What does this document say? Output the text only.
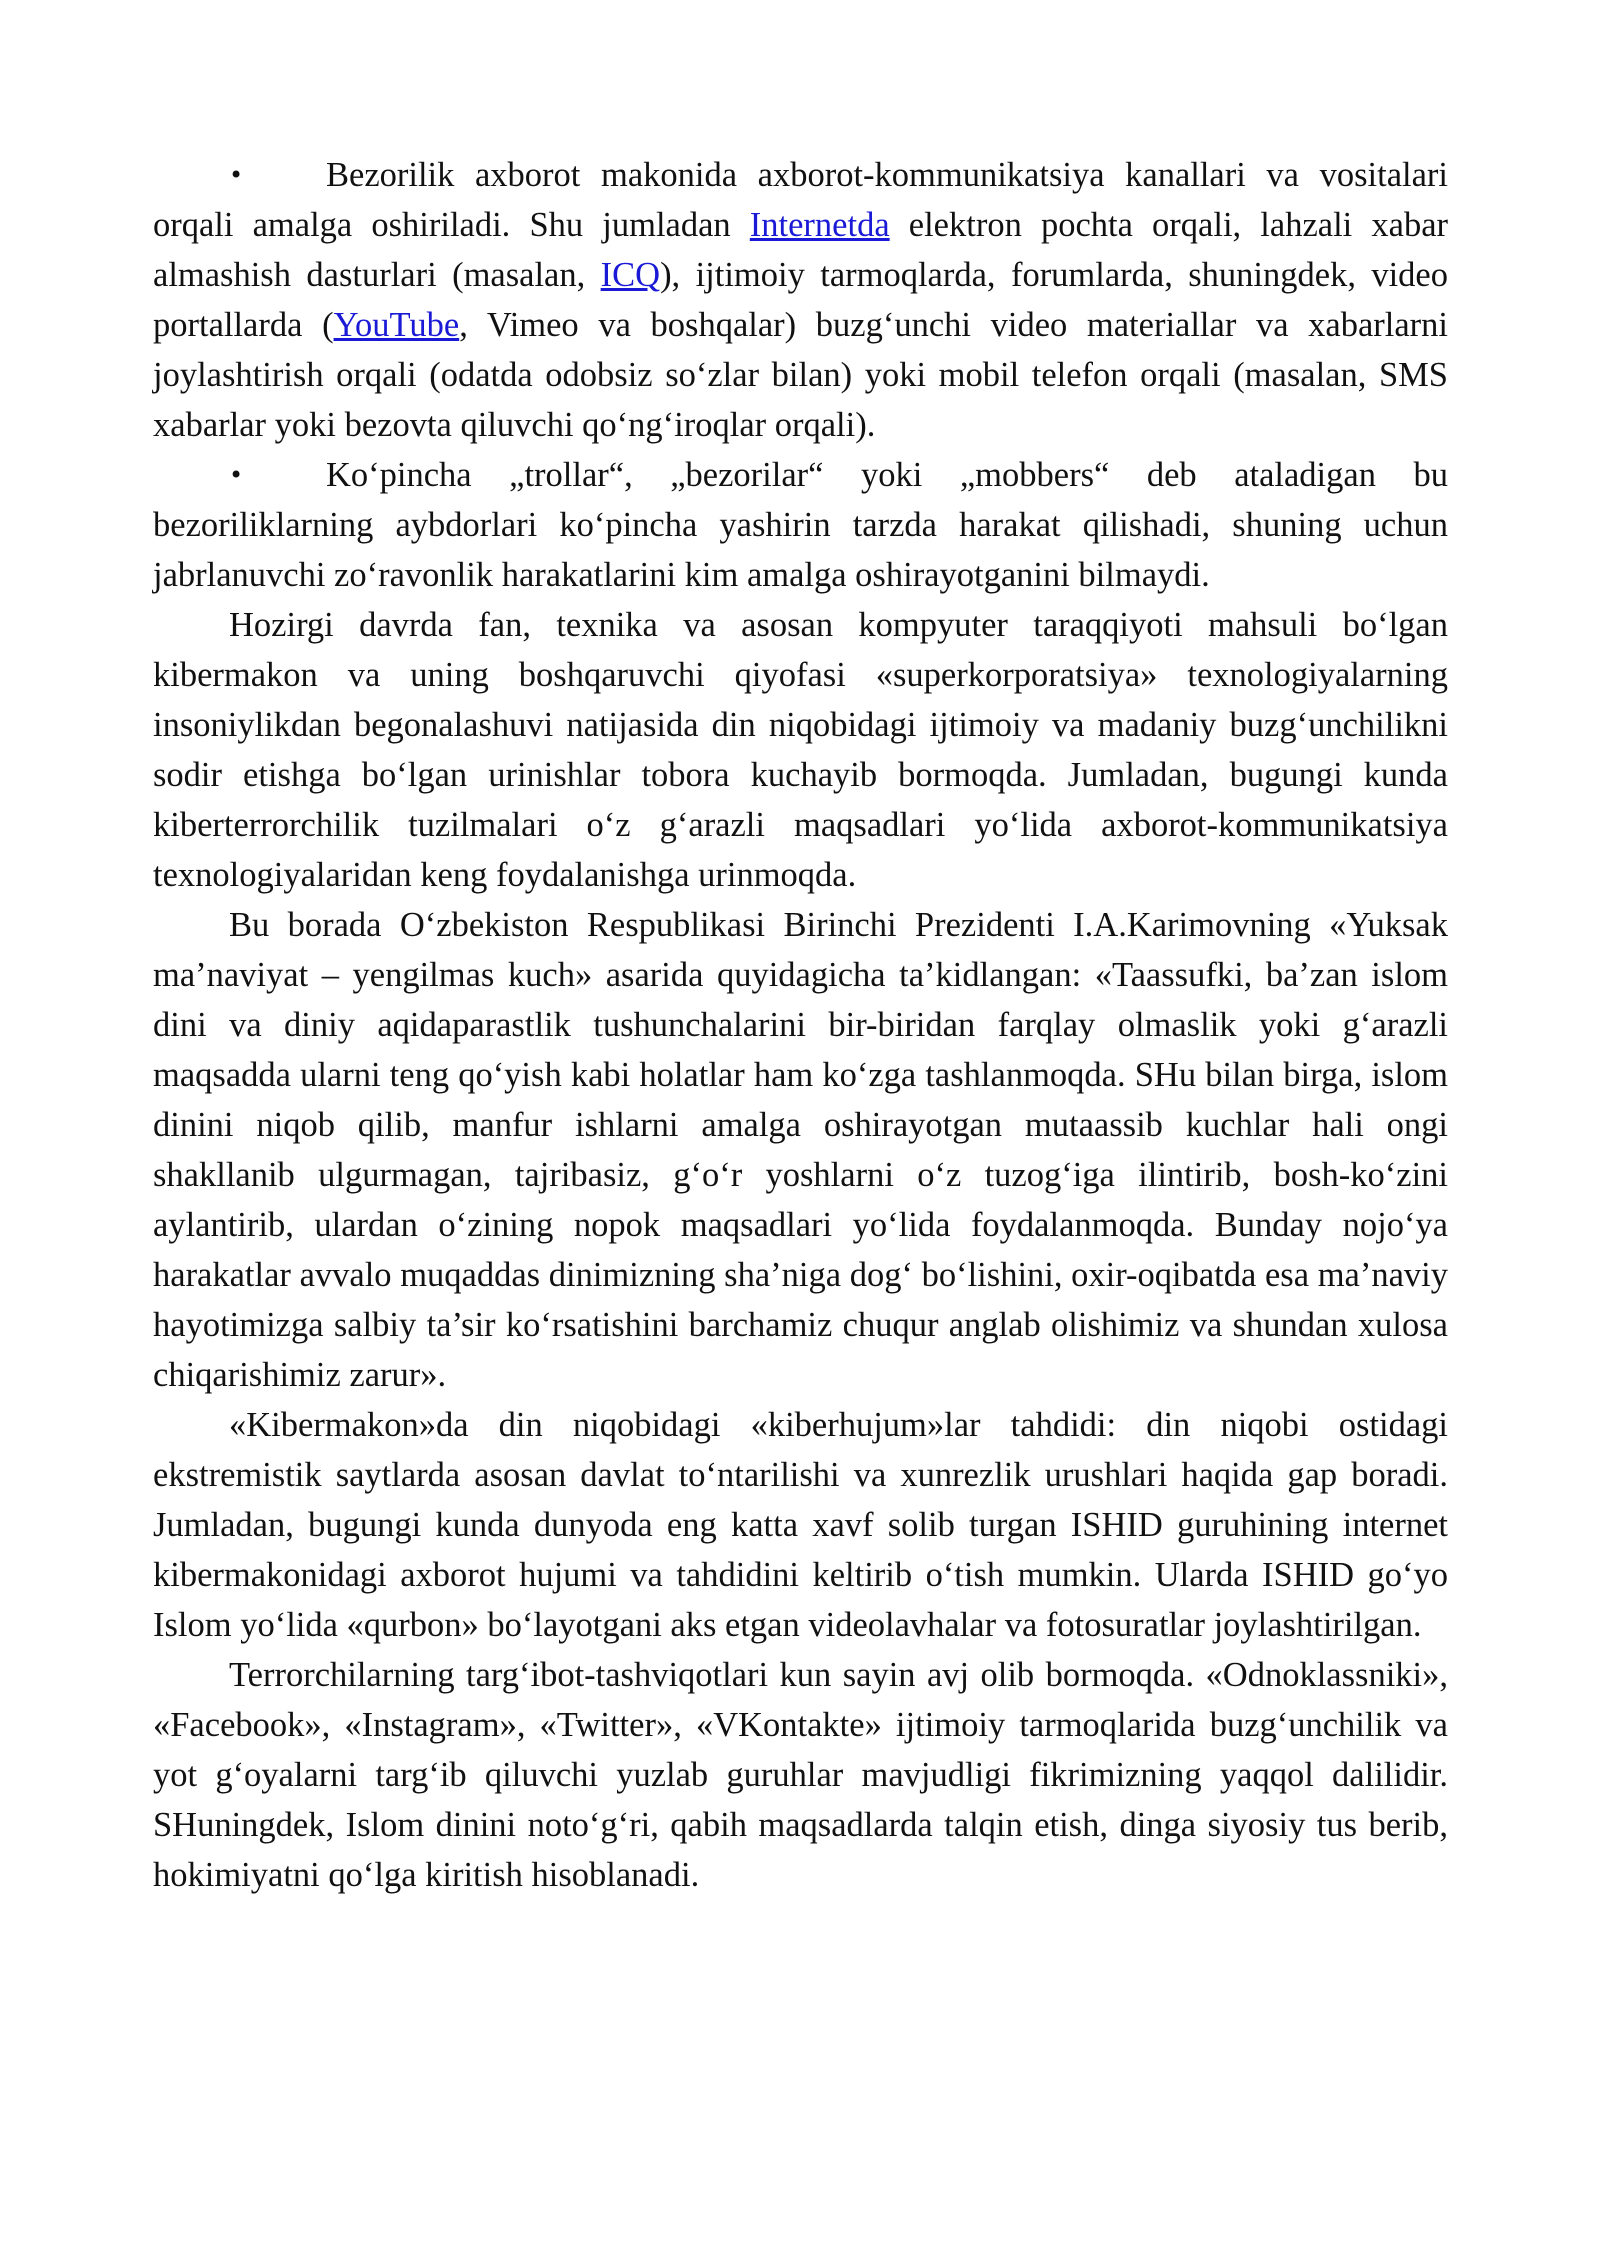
• Bezorilik axborot makonida axborot-kommunikatsiya kanallari va vositalari orqali amalga oshiriladi. Shu jumladan Internetda elektron pochta orqali, lahzali xabar almashish dasturlari (masalan, ICQ), ijtimoiy tarmoqlarda, forumlarda, shuningdek, video portallarda (YouTube, Vimeo va boshqalar) buzg‘unchi video materiallar va xabarlarni joylashtirish orqali (odatda odobsiz so‘zlar bilan) yoki mobil telefon orqali (masalan, SMS xabarlar yoki bezovta qiluvchi qo‘ng‘iroqlar orqali).

• Ko‘pincha „trollar“, „bezorilar“ yoki „mobbers“ deb ataladigan bu bezoriliklarning aybdorlari ko‘pincha yashirin tarzda harakat qilishadi, shuning uchun jabrlanuvchi zo‘ravonlik harakatlarini kim amalga oshirayotganini bilmaydi.

Hozirgi davrda fan, texnika va asosan kompyuter taraqqiyoti mahsuli bo‘lgan kibermakon va uning boshqaruvchi qiyofasi «superkorporatsiya» texnologiyalarning insoniylikdan begonalashuvi natijasida din niqobidagi ijtimoiy va madaniy buzg‘unchilikni sodir etishga bo‘lgan urinishlar tobora kuchayib bormoqda. Jumladan, bugungi kunda kiberterrorchilik tuzilmalari o‘z g‘arazli maqsadlari yo‘lida axborot-kommunikatsiya texnologiyalaridan keng foydalanishga urinmoqda.

Bu borada O‘zbekiston Respublikasi Birinchi Prezidenti I.A.Karimovning «Yuksak ma’naviyat – yengilmas kuch» asarida quyidagicha ta’kidlangan: «Taassufki, ba’zan islom dini va diniy aqidaparastlik tushunchalarini bir-biridan farqlay olmaslik yoki g‘arazli maqsadda ularni teng qo‘yish kabi holatlar ham ko‘zga tashlanmoqda. SHu bilan birga, islom dinini niqob qilib, manfur ishlarni amalga oshirayotgan mutaassib kuchlar hali ongi shakllanib ulgurmagan, tajribasiz, g‘o‘r yoshlarni o‘z tuzog‘iga ilintirib, bosh-ko‘zini aylantirib, ulardan o‘zining nopok maqsadlari yo‘lida foydalanmoqda. Bunday nojo‘ya harakatlar avvalo muqaddas dinimizning sha’niga dog‘ bo‘lishini, oxir-oqibatda esa ma’naviy hayotimizga salbiy ta’sir ko‘rsatishini barchamiz chuqur anglab olishimiz va shundan xulosa chiqarishimiz zarur».

«Kibermakon»da din niqobidagi «kiberhujum»lar tahdidi: din niqobi ostidagi ekstremistik saytlarda asosan davlat to‘ntarilishi va xunrezlik urushlari haqida gap boradi. Jumladan, bugungi kunda dunyoda eng katta xavf solib turgan ISHID guruhining internet kibermakonidagi axborot hujumi va tahdidini keltirib o‘tish mumkin. Ularda ISHID go‘yo Islom yo‘lida «qurbon» bo‘layotgani aks etgan videolavhalar va fotosuratlar joylashtirilgan.

Terrorchilarning targ‘ibot-tashviqotlari kun sayin avj olib bormoqda. «Odnoklassniki», «Facebook», «Instagram», «Twitter», «VKontakte» ijtimoiy tarmoqlarida buzg‘unchilik va yot g‘oyalarni targ‘ib qiluvchi yuzlab guruhlar mavjudligi fikrimizning yaqqol dalilidir. SHuningdek, Islom dinini noto‘g‘ri, qabih maqsadlarda talqin etish, dinga siyosiy tus berib, hokimiyatni qo‘lga kiritish hisoblanadi.
